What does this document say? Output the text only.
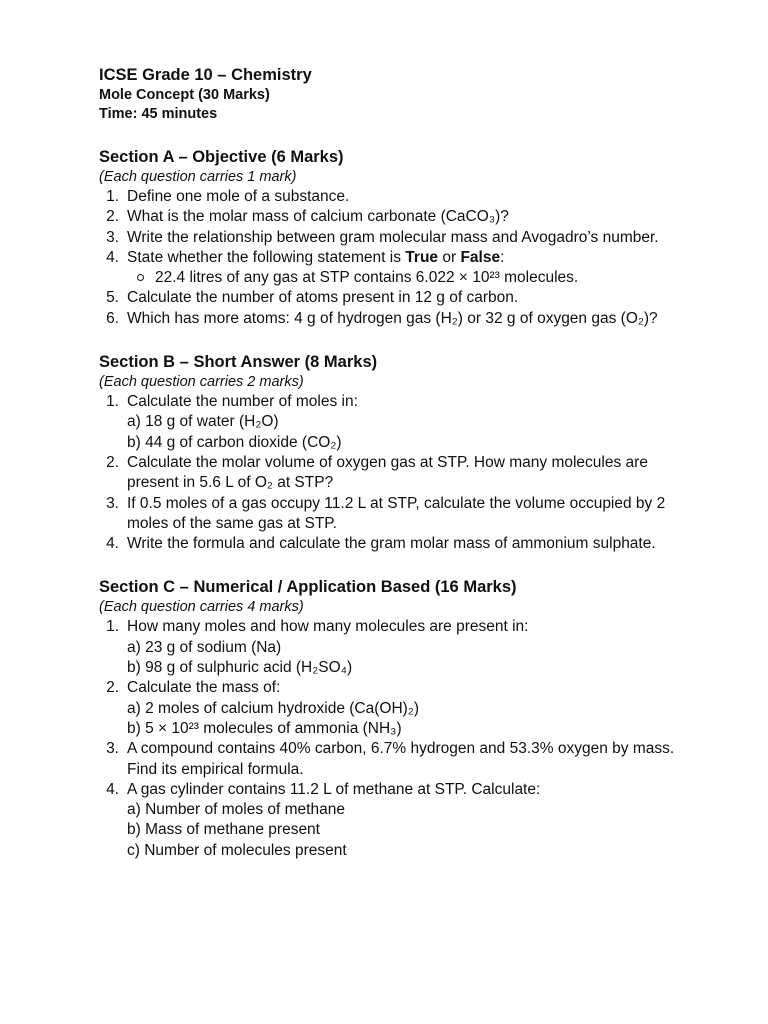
ICSE Grade 10 – Chemistry

Mole Concept (30 Marks)

Time: 45 minutes

Section A – Objective (6 Marks)

(Each question carries 1 mark)

1. Define one mole of a substance.
2. What is the molar mass of calcium carbonate (CaCO₃)?
3. Write the relationship between gram molecular mass and Avogadro’s number.
4. State whether the following statement is True or False:
22.4 litres of any gas at STP contains 6.022 × 10²³ molecules.
5. Calculate the number of atoms present in 12 g of carbon.
6. Which has more atoms: 4 g of hydrogen gas (H₂) or 32 g of oxygen gas (O₂)?

Section B – Short Answer (8 Marks)

(Each question carries 2 marks)

1. Calculate the number of moles in:
a) 18 g of water (H₂O)
b) 44 g of carbon dioxide (CO₂)
2. Calculate the molar volume of oxygen gas at STP. How many molecules are present in 5.6 L of O₂ at STP?
3. If 0.5 moles of a gas occupy 11.2 L at STP, calculate the volume occupied by 2 moles of the same gas at STP.
4. Write the formula and calculate the gram molar mass of ammonium sulphate.

Section C – Numerical / Application Based (16 Marks)

(Each question carries 4 marks)

1. How many moles and how many molecules are present in:
a) 23 g of sodium (Na)
b) 98 g of sulphuric acid (H₂SO₄)
2. Calculate the mass of:
a) 2 moles of calcium hydroxide (Ca(OH)₂)
b) 5 × 10²³ molecules of ammonia (NH₃)
3. A compound contains 40% carbon, 6.7% hydrogen and 53.3% oxygen by mass. Find its empirical formula.
4. A gas cylinder contains 11.2 L of methane at STP. Calculate:
a) Number of moles of methane
b) Mass of methane present
c) Number of molecules present
